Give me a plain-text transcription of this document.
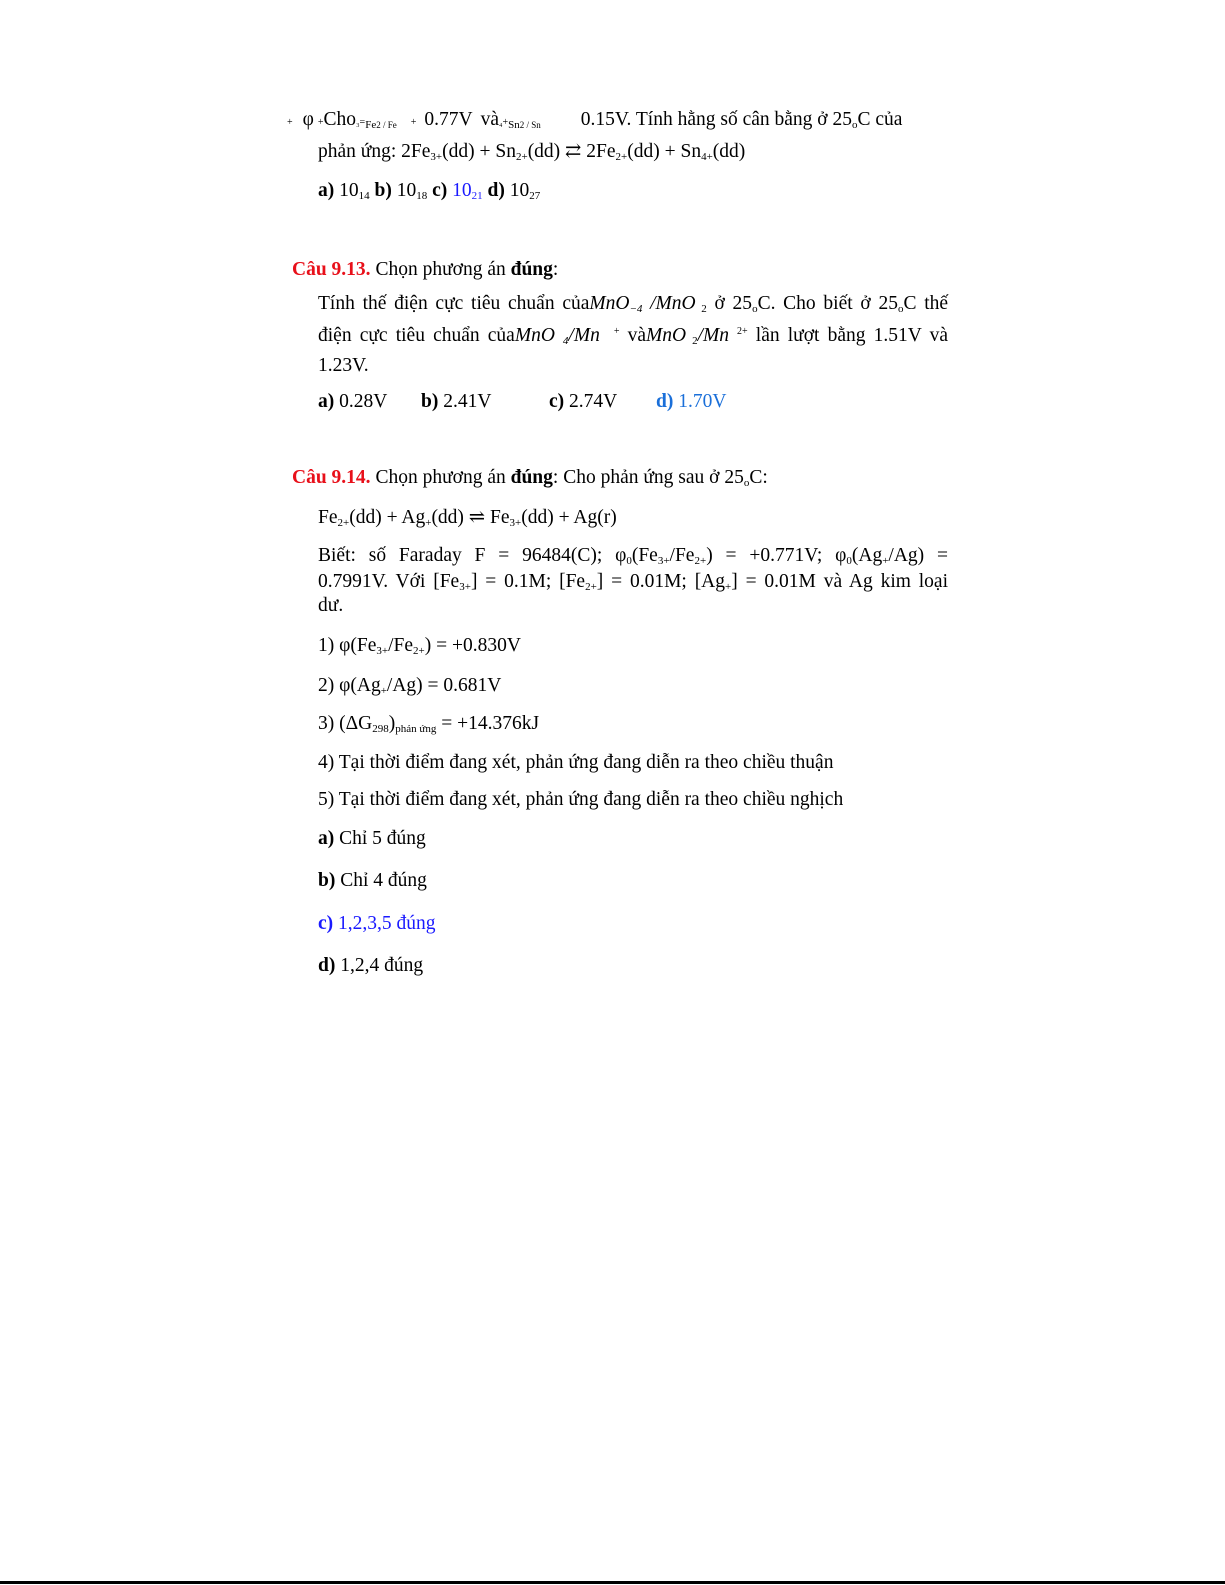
+ φ +Cho₃=Fe2 / Fe + 0.77V và₄+Sn2 / Sn 0.15V. Tính hằng số cân bằng ở 25oC của
phản ứng: 2Fe3+(dd) + Sn2+(dd) ⇄ 2Fe2+(dd) + Sn4+(dd)
a) 1014 b) 1018 c) 1021 d) 1027
Câu 9.13. Chọn phương án đúng:
Tính thế điện cực tiêu chuẩn củaMnO−4 /MnO 2 ở 25oC. Cho biết ở 25oC thế
điện cực tiêu chuẩn củaMnO 4/Mn + vàMnO 2/Mn $^{2+}$ lần lượt bằng 1.51V và
1.23V.
a) 0.28V b) 2.41V	c) 2.74V d) 1.70V
Câu 9.14. Chọn phương án đúng: Cho phản ứng sau ở 25oC:
Fe2+(dd) + Ag+(dd) ⇌ Fe3+(dd) + Ag(r)
Biết: số Faraday F = 96484(C); φ0(Fe3+/Fe2+) = +0.771V; φ0(Ag+/Ag) =
0.7991V. Với [Fe3+] = 0.1M; [Fe2+] = 0.01M; [Ag+] = 0.01M và Ag kim loại
dư.
1) φ(Fe3+/Fe2+) = +0.830V
2) φ(Ag+/Ag) = 0.681V
3) (ΔG298)phản ứng = +14.376kJ
4) Tại thời điểm đang xét, phản ứng đang diễn ra theo chiều thuận
5) Tại thời điểm đang xét, phản ứng đang diễn ra theo chiều nghịch
a) Chỉ 5 đúng
b) Chỉ 4 đúng
c) 1,2,3,5 đúng
d) 1,2,4 đúng
